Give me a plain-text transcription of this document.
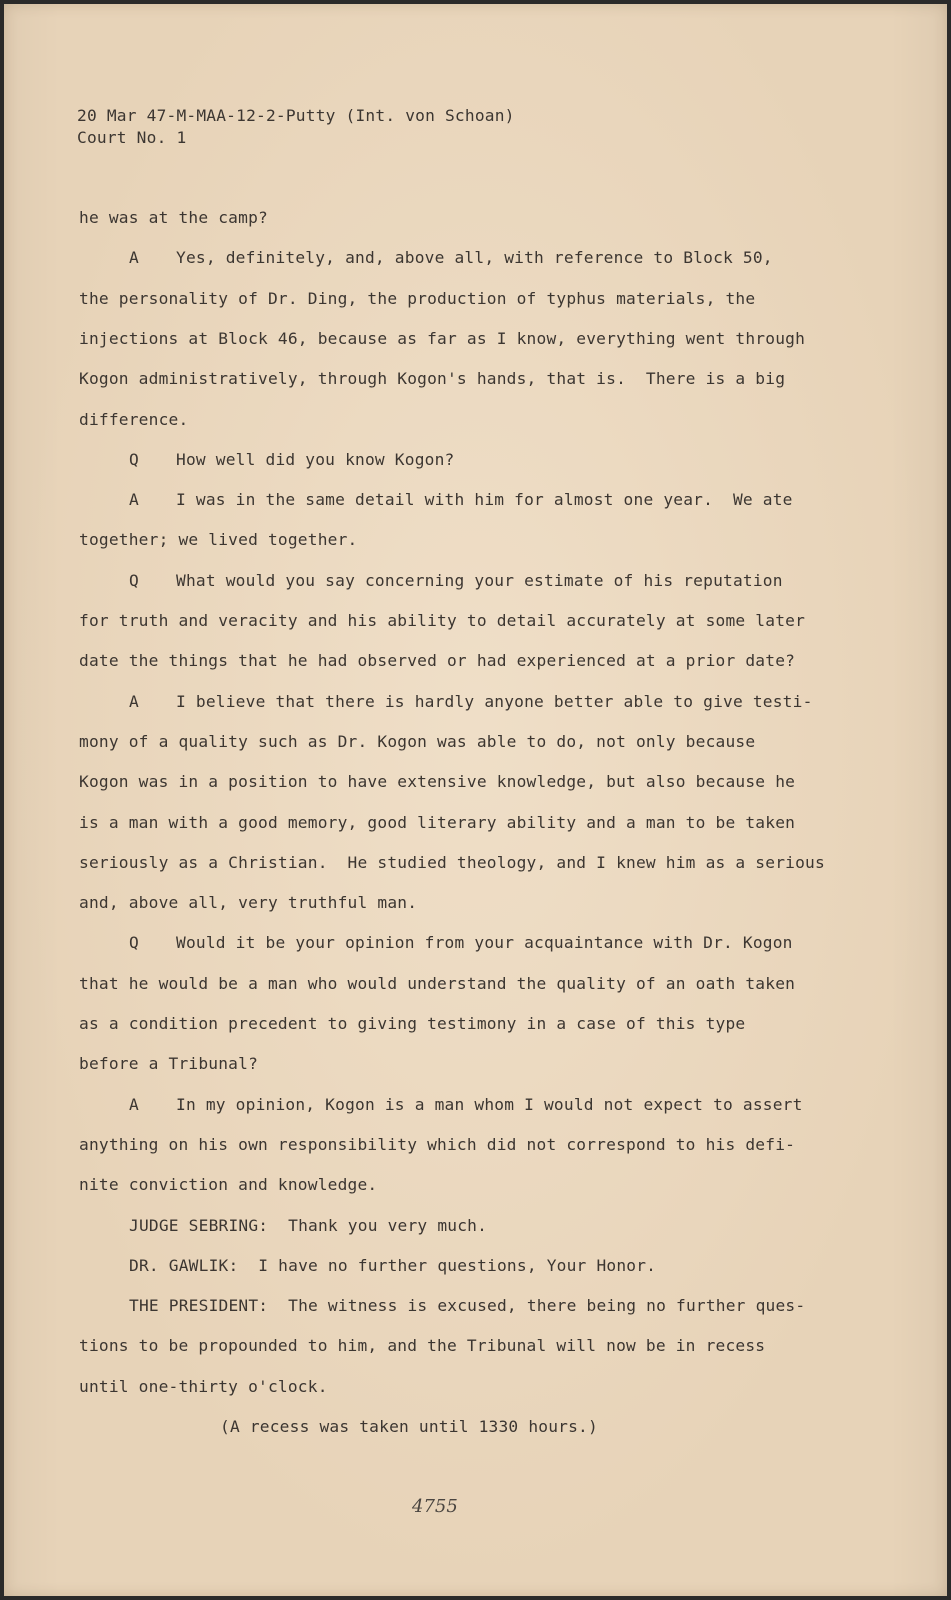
20 Mar 47-M-MAA-12-2-Putty (Int. von Schoan)
Court No. 1
he was at the camp?
A Yes, definitely, and, above all, with reference to Block 50,
the personality of Dr. Ding, the production of typhus materials, the
injections at Block 46, because as far as I know, everything went through
Kogon administratively, through Kogon's hands, that is.  There is a big
difference.
Q How well did you know Kogon?
A I was in the same detail with him for almost one year.  We ate
together; we lived together.
Q What would you say concerning your estimate of his reputation
for truth and veracity and his ability to detail accurately at some later
date the things that he had observed or had experienced at a prior date?
A I believe that there is hardly anyone better able to give testi-
mony of a quality such as Dr. Kogon was able to do, not only because
Kogon was in a position to have extensive knowledge, but also because he
is a man with a good memory, good literary ability and a man to be taken
seriously as a Christian.  He studied theology, and I knew him as a serious
and, above all, very truthful man.
Q Would it be your opinion from your acquaintance with Dr. Kogon
that he would be a man who would understand the quality of an oath taken
as a condition precedent to giving testimony in a case of this type
before a Tribunal?
A In my opinion, Kogon is a man whom I would not expect to assert
anything on his own responsibility which did not correspond to his defi-
nite conviction and knowledge.
JUDGE SEBRING:  Thank you very much.
DR. GAWLIK:  I have no further questions, Your Honor.
THE PRESIDENT:  The witness is excused, there being no further ques-
tions to be propounded to him, and the Tribunal will now be in recess
until one-thirty o'clock.
(A recess was taken until 1330 hours.)
4755
